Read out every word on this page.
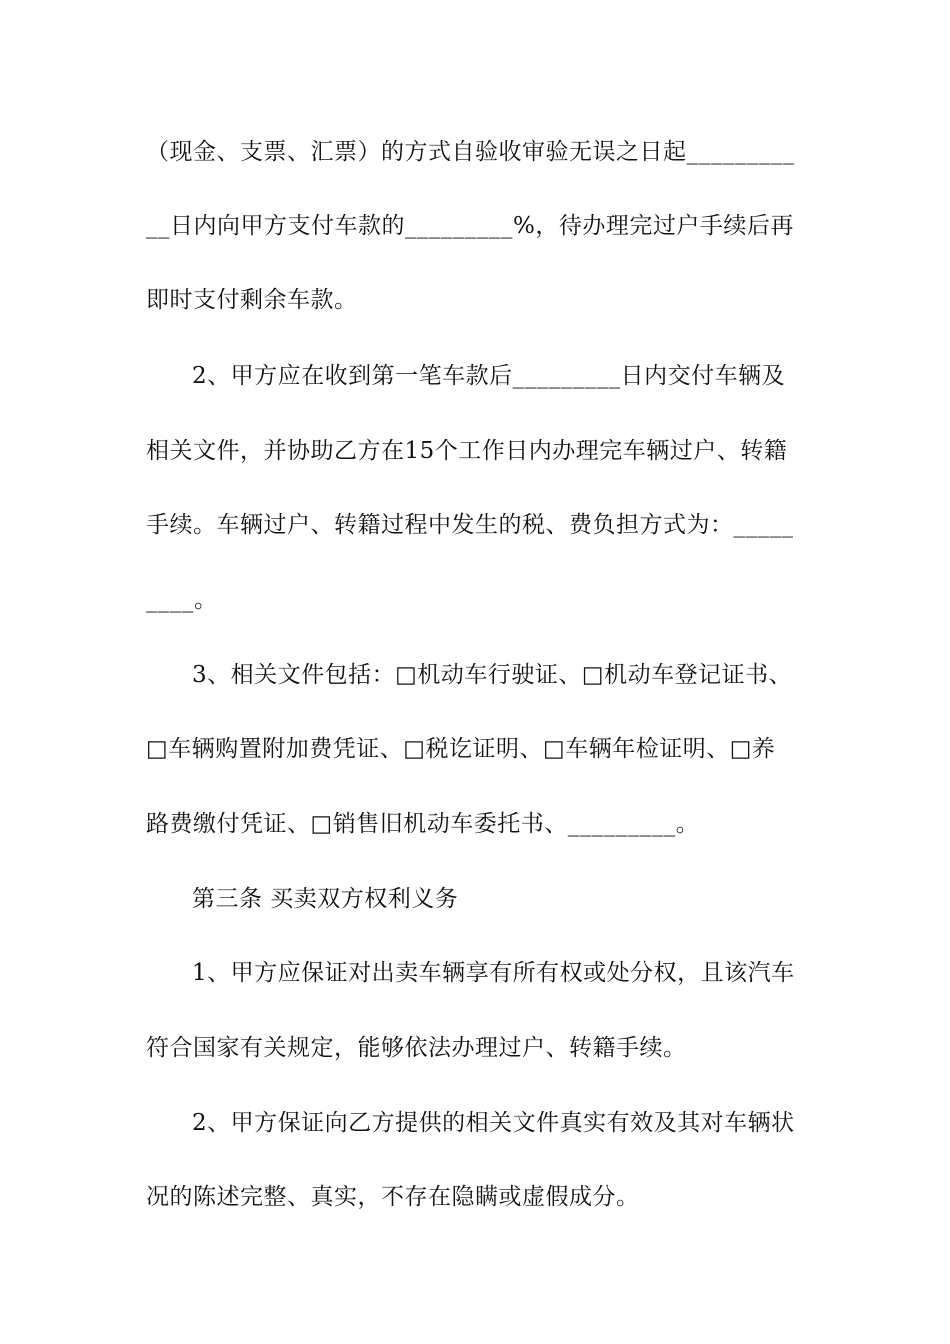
（现金、支票、汇票）的方式自验收审验无误之日起_________
__日内向甲方支付车款的_________%，待办理完过户手续后再
即时支付剩余车款。
2、甲方应在收到第一笔车款后_________日内交付车辆及
相关文件，并协助乙方在15个工作日内办理完车辆过户、转籍
手续。车辆过户、转籍过程中发生的税、费负担方式为：_____
____。
3、相关文件包括：□机动车行驶证、□机动车登记证书、
□车辆购置附加费凭证、□税讫证明、□车辆年检证明、□养
路费缴付凭证、□销售旧机动车委托书、_________。
第三条 买卖双方权利义务
1、甲方应保证对出卖车辆享有所有权或处分权，且该汽车
符合国家有关规定，能够依法办理过户、转籍手续。
2、甲方保证向乙方提供的相关文件真实有效及其对车辆状
况的陈述完整、真实，不存在隐瞒或虚假成分。
